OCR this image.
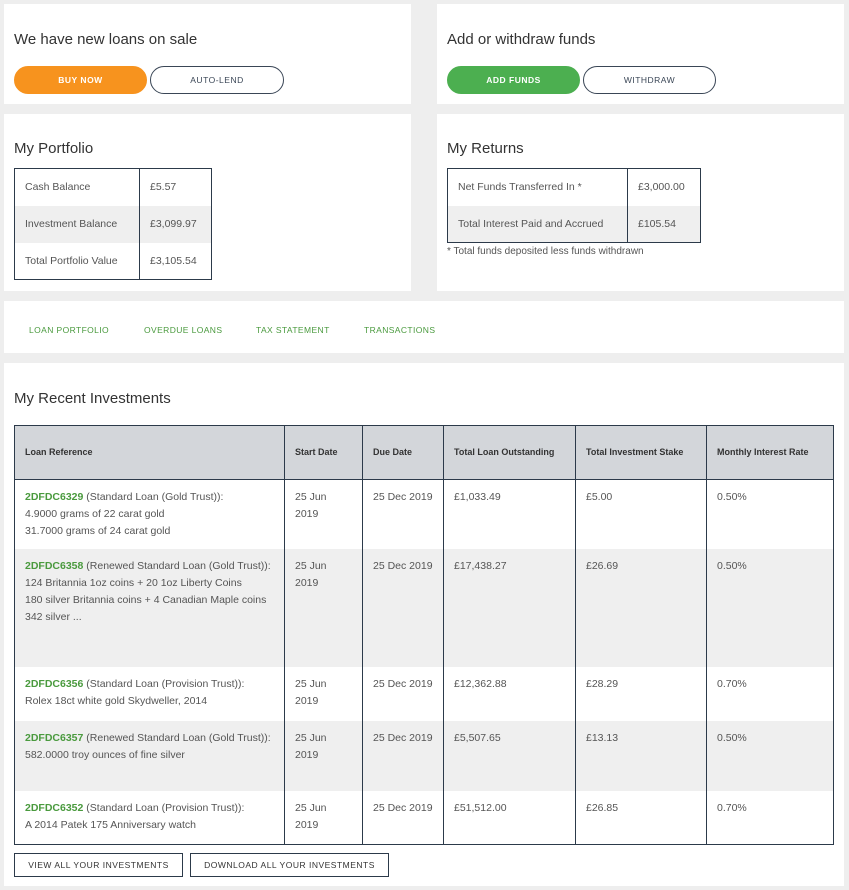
We have new loans on sale
BUY NOW	AUTO-LEND
Add or withdraw funds
ADD FUNDS	WITHDRAW
My Portfolio
Cash Balance	£5.57
Investment Balance	£3,099.97
Total Portfolio Value	£3,105.54
My Returns
Net Funds Transferred In *	£3,000.00
Total Interest Paid and Accrued	£105.54
* Total funds deposited less funds withdrawn
LOAN PORTFOLIO	OVERDUE LOANS	TAX STATEMENT	TRANSACTIONS
My Recent Investments
Loan Reference	Start Date	Due Date	Total Loan Outstanding	Total Investment Stake	Monthly Interest Rate
2DFDC6329 (Standard Loan (Gold Trust)):
4.9000 grams of 22 carat gold
31.7000 grams of 24 carat gold	25 Jun 2019	25 Dec 2019	£1,033.49	£5.00	0.50%
2DFDC6358 (Renewed Standard Loan (Gold Trust)):
124 Britannia 1oz coins + 20 1oz Liberty Coins
180 silver Britannia coins + 4 Canadian Maple coins
342 silver ...	25 Jun 2019	25 Dec 2019	£17,438.27	£26.69	0.50%
2DFDC6356 (Standard Loan (Provision Trust)):
Rolex 18ct white gold Skydweller, 2014	25 Jun 2019	25 Dec 2019	£12,362.88	£28.29	0.70%
2DFDC6357 (Renewed Standard Loan (Gold Trust)):
582.0000 troy ounces of fine silver	25 Jun 2019	25 Dec 2019	£5,507.65	£13.13	0.50%
2DFDC6352 (Standard Loan (Provision Trust)):
A 2014 Patek 175 Anniversary watch	25 Jun 2019	25 Dec 2019	£51,512.00	£26.85	0.70%
VIEW ALL YOUR INVESTMENTS	DOWNLOAD ALL YOUR INVESTMENTS
